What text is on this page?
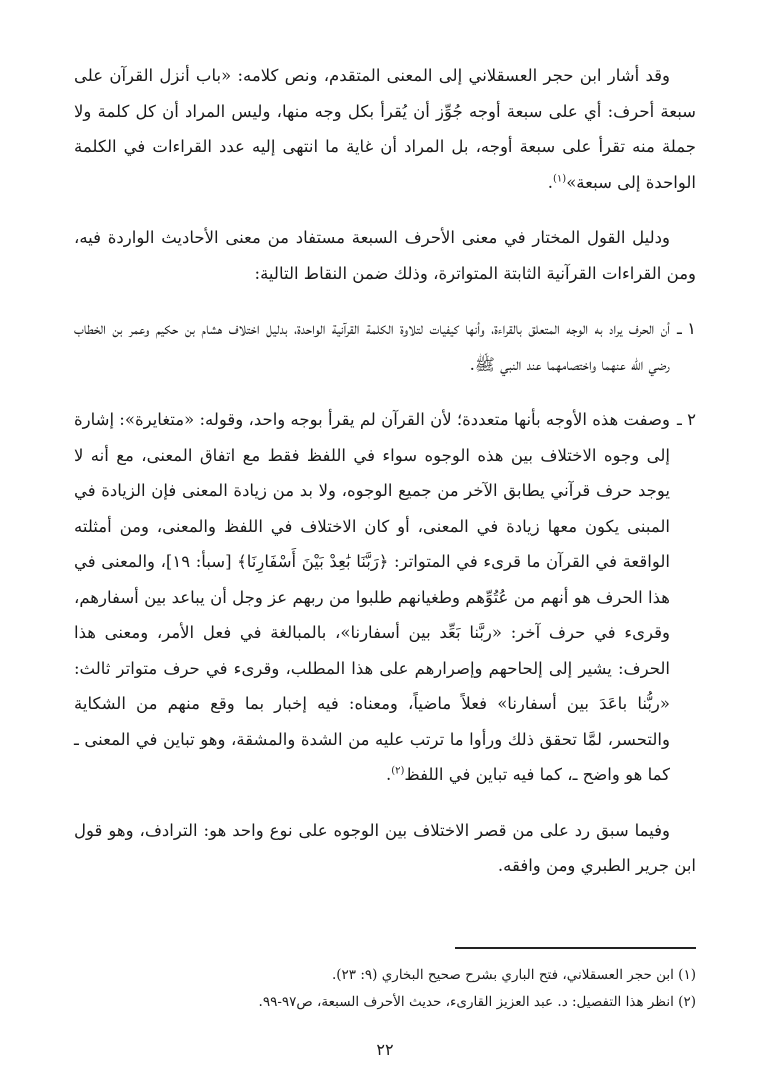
وقد أشار ابن حجر العسقلاني إلى المعنى المتقدم، ونص كلامه: «باب أنزل القرآن على سبعة أحرف: أي على سبعة أوجه جُوِّز أن يُقرأ بكل وجه منها، وليس المراد أن كل كلمة ولا جملة منه تقرأ على سبعة أوجه، بل المراد أن غاية ما انتهى إليه عدد القراءات في الكلمة الواحدة إلى سبعة»$^{(١)}$.

ودليل القول المختار في معنى الأحرف السبعة مستفاد من معنى الأحاديث الواردة فيه، ومن القراءات القرآنية الثابتة المتواترة، وذلك ضمن النقاط التالية:

١ ـ
أن الحرف يراد به الوجه المتعلق بالقراءة، وأنها كيفيات لتلاوة الكلمة القرآنية الواحدة، بدليل اختلاف هشام بن حكيم وعمر بن الخطاب رضي الله عنهما واختصامهما عند النبي ﷺ.
٢ ـ
وصفت هذه الأوجه بأنها متعددة؛ لأن القرآن لم يقرأ بوجه واحد، وقوله: «متغايرة»: إشارة إلى وجوه الاختلاف بين هذه الوجوه سواء في اللفظ فقط مع اتفاق المعنى، مع أنه لا يوجد حرف قرآني يطابق الآخر من جميع الوجوه، ولا بد من زيادة المعنى فإن الزيادة في المبنى يكون معها زيادة في المعنى، أو كان الاختلاف في اللفظ والمعنى، ومن أمثلته الواقعة في القرآن ما قرىء في المتواتر: ﴿رَبَّنَا بَٰعِدْ بَيْنَ أَسْفَارِنَا﴾ [سبأ: ١٩]، والمعنى في هذا الحرف هو أنهم من عُتُوِّهم وطغيانهم طلبوا من ربهم عز وجل أن يباعد بين أسفارهم، وقرىء في حرف آخر: «ربَّنا بَعِّد بين أسفارنا»، بالمبالغة في فعل الأمر، ومعنى هذا الحرف: يشير إلى إلحاحهم وإصرارهم على هذا المطلب، وقرىء في حرف متواتر ثالث: «ربُّنا باعَدَ بين أسفارنا» فعلاً ماضياً، ومعناه: فيه إخبار بما وقع منهم من الشكاية والتحسر، لمَّا تحقق ذلك ورأوا ما ترتب عليه من الشدة والمشقة، وهو تباين في المعنى ـ كما هو واضح ـ، كما فيه تباين في اللفظ$^{(٢)}$.

وفيما سبق رد على من قصر الاختلاف بين الوجوه على نوع واحد هو: الترادف، وهو قول ابن جرير الطبري ومن وافقه.

(١) ابن حجر العسقلاني، فتح الباري بشرح صحيح البخاري (٩: ٢٣).

(٢) انظر هذا التفصيل: د. عبد العزيز القارىء، حديث الأحرف السبعة، ص٩٧-٩٩.

٢٢
